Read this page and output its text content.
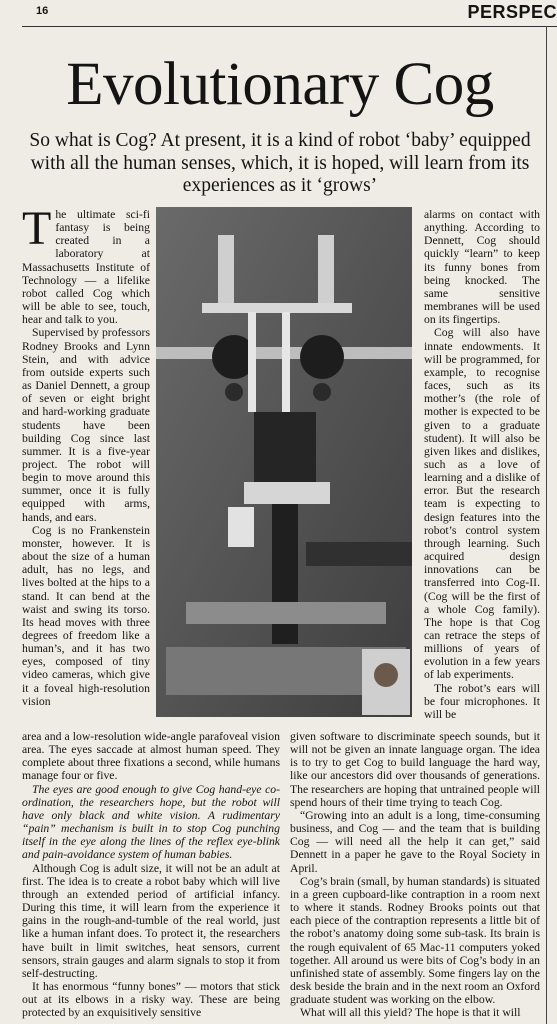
16	PERSPEC
Evolutionary Cog
So what is Cog? At present, it is a kind of robot ‘baby’ equipped with all the human senses, which, it is hoped, will learn from its experiences as it ‘grows’

The ultimate sci-fi fantasy is being created in a laboratory at Massachusetts Institute of Technology — a lifelike robot called Cog which will be able to see, touch, hear and talk to you.

Supervised by professors Rodney Brooks and Lynn Stein, and with advice from outside experts such as Daniel Dennett, a group of seven or eight bright and hard-working graduate students have been building Cog since last summer. It is a five-year project. The robot will begin to move around this summer, once it is fully equipped with arms, hands, and ears.

Cog is no Frankenstein monster, however. It is about the size of a human adult, has no legs, and lives bolted at the hips to a stand. It can bend at the waist and swing its torso. Its head moves with three degrees of freedom like a human’s, and it has two eyes, composed of tiny video cameras, which give it a foveal high-resolution vision

alarms on contact with anything. According to Dennett, Cog should quickly “learn” to keep its funny bones from being knocked. The same sensitive membranes will be used on its fingertips.

Cog will also have innate endowments. It will be programmed, for example, to recognise faces, such as its mother’s (the role of mother is expected to be given to a graduate student). It will also be given likes and dislikes, such as a love of learning and a dislike of error. But the research team is expecting to design features into the robot’s control system through learning. Such acquired design innovations can be transferred into Cog-II. (Cog will be the first of a whole Cog family). The hope is that Cog can retrace the steps of millions of years of evolution in a few years of lab experiments.

The robot’s ears will be four microphones. It will be

area and a low-resolution wide-angle parafoveal vision area. The eyes saccade at almost human speed. They complete about three fixations a second, while humans manage four or five.

The eyes are good enough to give Cog hand-eye co-ordination, the researchers hope, but the robot will have only black and white vision. A rudimentary “pain” mechanism is built in to stop Cog punching itself in the eye along the lines of the reflex eye-blink and pain-avoidance system of human babies.

Although Cog is adult size, it will not be an adult at first. The idea is to create a robot baby which will live through an extended period of artificial infancy. During this time, it will learn from the experience it gains in the rough-and-tumble of the real world, just like a human infant does. To protect it, the researchers have built in limit switches, heat sensors, current sensors, strain gauges and alarm signals to stop it from self-destructing.

It has enormous “funny bones” — motors that stick out at its elbows in a risky way. These are being protected by an exquisitively sensitive

given software to discriminate speech sounds, but it will not be given an innate language organ. The idea is to try to get Cog to build language the hard way, like our ancestors did over thousands of generations. The researchers are hoping that untrained people will spend hours of their time trying to teach Cog.

“Growing into an adult is a long, time-consuming business, and Cog — and the team that is building Cog — will need all the help it can get,” said Dennett in a paper he gave to the Royal Society in April.

Cog’s brain (small, by human standards) is situated in a green cupboard-like contraption in a room next to where it stands. Rodney Brooks points out that each piece of the contraption represents a little bit of the robot’s anatomy doing some sub-task. Its brain is the rough equivalent of 65 Mac-11 computers yoked together. All around us were bits of Cog’s body in an unfinished state of assembly. Some fingers lay on the desk beside the brain and in the next room an Oxford graduate student was working on the elbow.

What will all this yield? The hope is that it will
